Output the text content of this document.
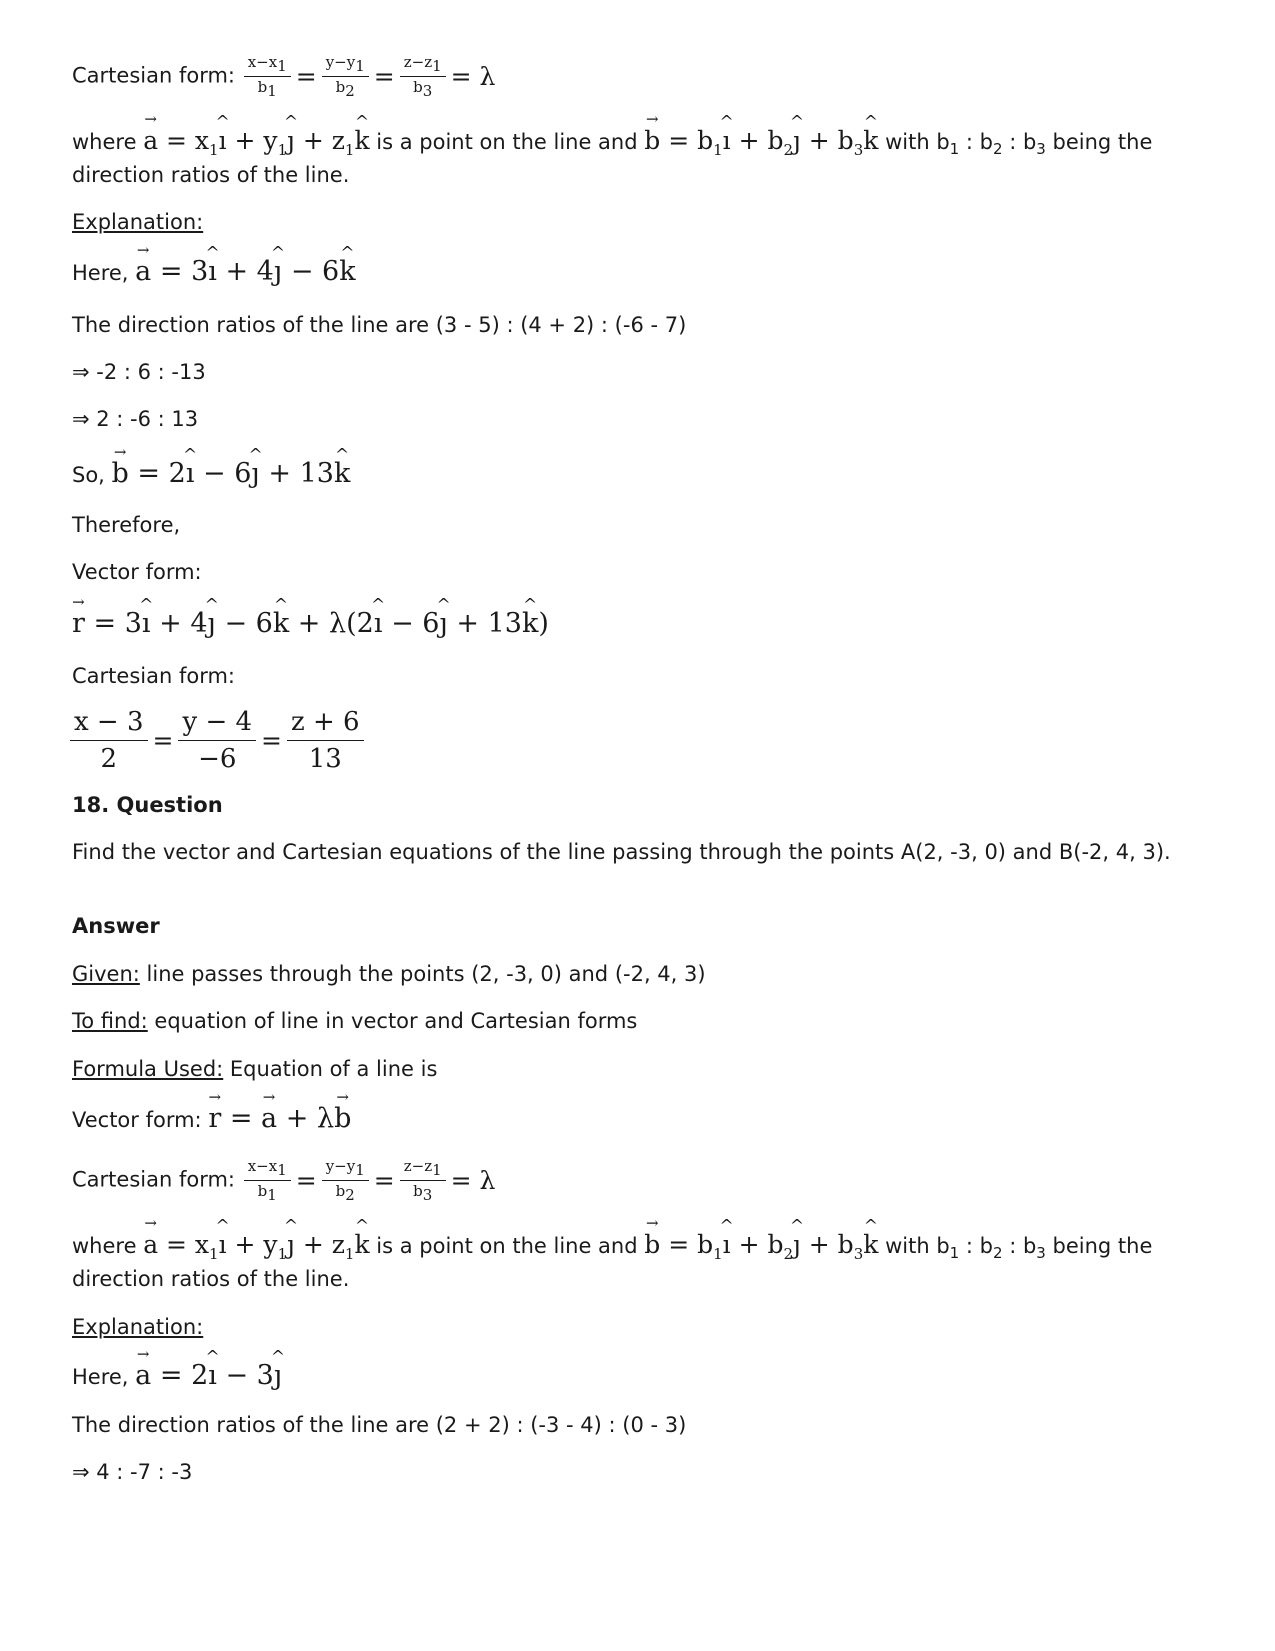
Cartesian form: $\frac{x-x_1}{b_1} = \frac{y-y_1}{b_2} = \frac{z-z_1}{b_3} = \lambda$
where → $a = x_1\^{}$ ı + $y_1\^{}$ ȷ + $z_1\^{}$ k is a point on the line and → $b = b_1\^{}$ ı + $b_2\^{}$ ȷ + $b_3\^{}$ k with $b_1$ : $b_2$ : $b_3$ being the
direction ratios of the line.
Explanation:
Here, → a = 3^ ı + 4^ ȷ − 6^ k
The direction ratios of the line are (3 - 5) : (4 + 2) : (-6 - 7)
⇒ -2 : 6 : -13
⇒ 2 : -6 : 13
So, → b = 2^ ı − 6^ ȷ + 13^ k
Therefore,
Vector form:
→ r = 3^ ı + 4^ ȷ − 6^ k + λ(2^ ı − 6^ ȷ + 13^ k)
Cartesian form:
$\frac{x - 3}{2} = \frac{y - 4}{-6} = \frac{z + 6}{13}$
18. Question
Find the vector and Cartesian equations of the line passing through the points A(2, -3, 0) and B(-2, 4, 3).
Answer
Given: line passes through the points (2, -3, 0) and (-2, 4, 3)
To find: equation of line in vector and Cartesian forms
Formula Used: Equation of a line is
Vector form: → r = → a + λ→ b
Cartesian form: $\frac{x-x_1}{b_1} = \frac{y-y_1}{b_2} = \frac{z-z_1}{b_3} = \lambda$
where → $a = x_1\^{}$ ı + $y_1\^{}$ ȷ + $z_1\^{}$ k is a point on the line and → $b = b_1\^{}$ ı + $b_2\^{}$ ȷ + $b_3\^{}$ k with $b_1$ : $b_2$ : $b_3$ being the
direction ratios of the line.
Explanation:
Here, → a = 2^ ı − 3^ ȷ
The direction ratios of the line are (2 + 2) : (-3 - 4) : (0 - 3)
⇒ 4 : -7 : -3
